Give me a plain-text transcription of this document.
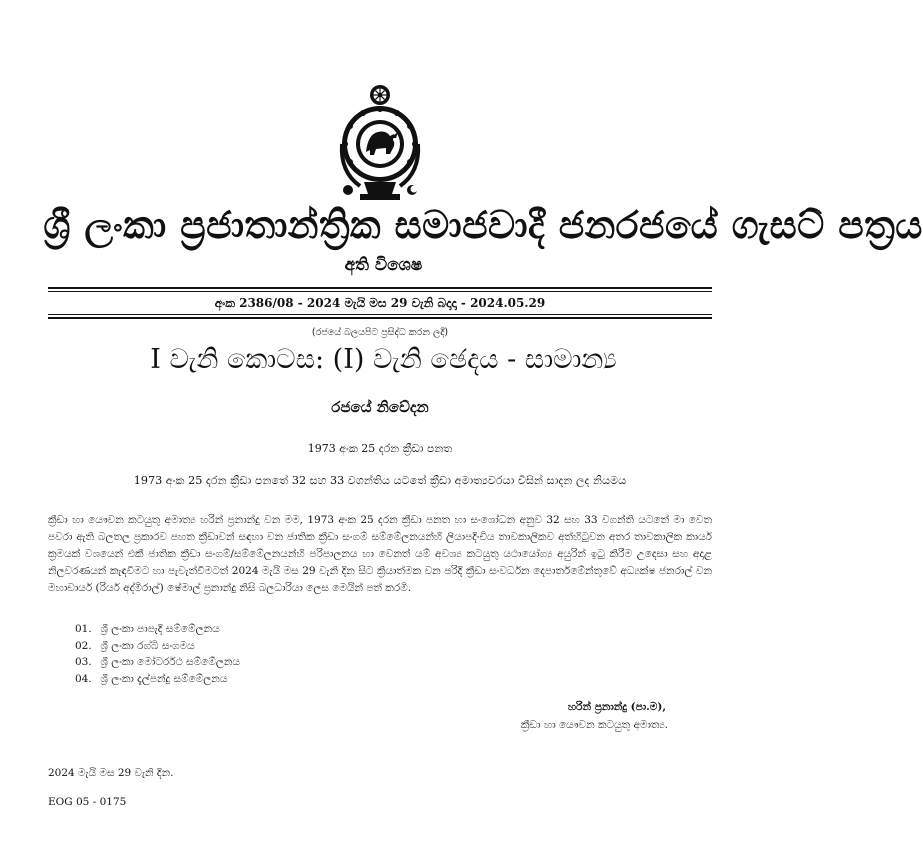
ශ්‍රී ලංකා ප්‍රජාතාන්ත්‍රික සමාජවාදී ජනරජයේ ගැසට් පත්‍රය
අති විශෙෂ
අංක 2386/08 - 2024 මැයි මස 29 වැනි බදාදා - 2024.05.29
(රජයේ බලයපිට ප්‍රසිද්ධ කරන ලදී)
I වැනි කොටස: (I) වැනි ඡෙදය - සාමාන්‍ය
රජයේ නිවේදන
1973 අංක 25 දරන ක්‍රීඩා පනත
1973 අංක 25 දරන ක්‍රීඩා පනතේ 32 සහ 33 වගන්තිය යටතේ ක්‍රීඩා අමාත්‍යවරයා විසින් සාදන ලද නියමය
ක්‍රීඩා හා යෞවන කටයුතු අමාත්‍ය හරින් ප්‍රනාන්දු වන මම, 1973 අංක 25 දරන ක්‍රීඩා පනත හා සංශෝධන අනුව 32 සහ 33 වගන්ති යටතේ මා වෙත පවරා ඇති බලතල ප්‍රකාරව පහත ක්‍රීඩාවන් සඳහා වන ජාතික ක්‍රීඩා සංගම් සම්මේලනයන්හි ලියාපදිංචිය තාවකාලිකව අත්හිටුවන අතර තාවකාලික කාර්ය ක්‍රමයක් වශයෙන් එකී ජාතික ක්‍රීඩා සංගම්/සම්මේලනයන්හි පරිපාලනය හා වෙනත් යම් අවශ්‍ය කටයුතු යථායෝග්‍ය අයුරින් ඉටු කිරීම උදෙසා සහ අදාළ නිලවරණයන් කැඳවීමට හා පැවැත්වීමටත් 2024 මැයි මස 29 වැනි දින සිට ක්‍රියාත්මක වන පරිදි ක්‍රීඩා සංවර්ධන දෙපාර්තමේන්තුවේ අධ්‍යක්ෂ ජනරාල් වන මහාචාර්ය (රියර් අද්මිරාල්) ෂේමාල් ප්‍රනාන්දු නිසි බලධාරියා ලෙස මෙයින් පත් කරමි.
01. ශ්‍රී ලංකා පාපැදි සම්මේලනය
02. ශ්‍රී ලංකා රග්බි සංගමය
03. ශ්‍රී ලංකා මෝටර්රථ සම්මේලනය
04. ශ්‍රී ලංකා දැල්පන්දු සම්මේලනය
හරින් ප්‍රනාන්දු (පා.ම),
ක්‍රීඩා හා යෞවන කටයුතු අමාත්‍ය.
2024 මැයි මස 29 වැනි දින.
EOG 05 - 0175
